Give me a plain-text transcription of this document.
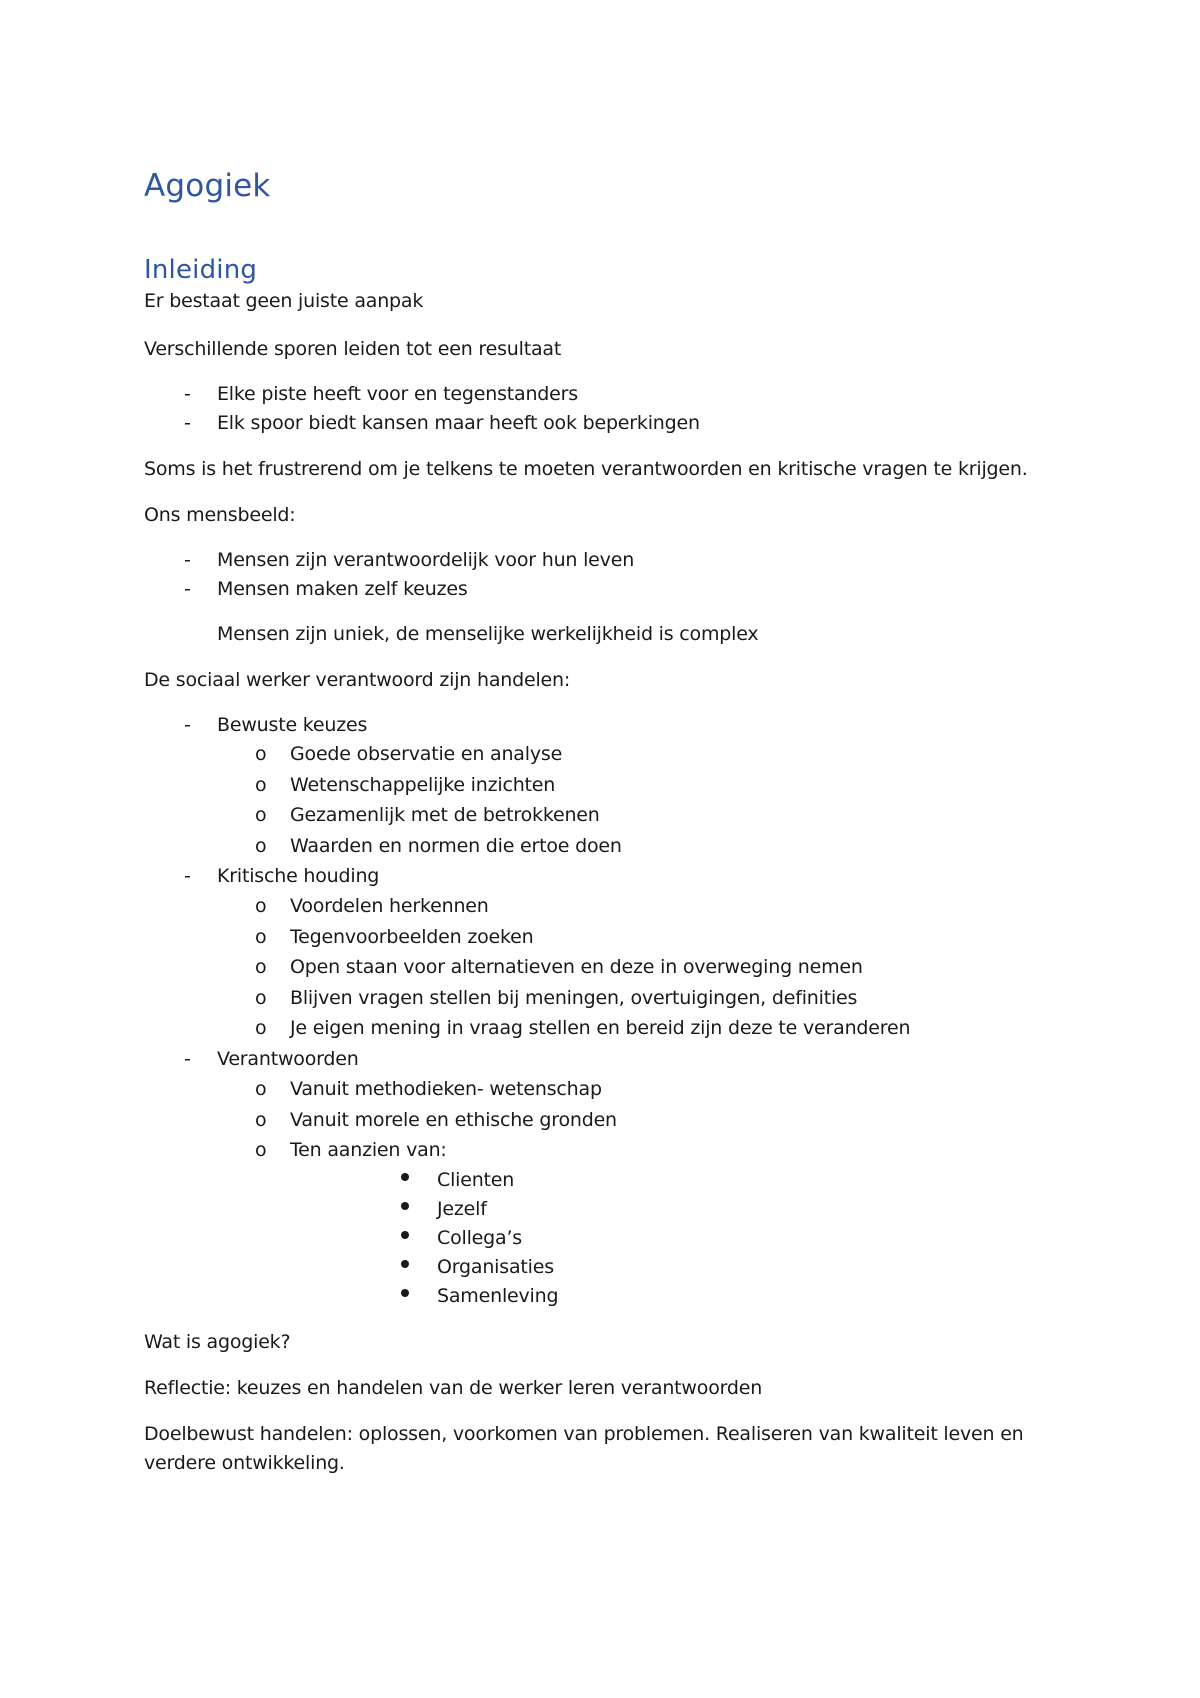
Agogiek
Inleiding
Er bestaat geen juiste aanpak
Verschillende sporen leiden tot een resultaat
- Elke piste heeft voor en tegenstanders
- Elk spoor biedt kansen maar heeft ook beperkingen
Soms is het frustrerend om je telkens te moeten verantwoorden en kritische vragen te krijgen.
Ons mensbeeld:
- Mensen zijn verantwoordelijk voor hun leven
- Mensen maken zelf keuzes
Mensen zijn uniek, de menselijke werkelijkheid is complex
De sociaal werker verantwoord zijn handelen:
- Bewuste keuzes
o Goede observatie en analyse
o Wetenschappelijke inzichten
o Gezamenlijk met de betrokkenen
o Waarden en normen die ertoe doen
- Kritische houding
o Voordelen herkennen
o Tegenvoorbeelden zoeken
o Open staan voor alternatieven en deze in overweging nemen
o Blijven vragen stellen bij meningen, overtuigingen, definities
o Je eigen mening in vraag stellen en bereid zijn deze te veranderen
- Verantwoorden
o Vanuit methodieken- wetenschap
o Vanuit morele en ethische gronden
o Ten aanzien van:
Clienten
Jezelf
Collega’s
Organisaties
Samenleving
Wat is agogiek?
Reflectie: keuzes en handelen van de werker leren verantwoorden
Doelbewust handelen: oplossen, voorkomen van problemen. Realiseren van kwaliteit leven en
verdere ontwikkeling.
